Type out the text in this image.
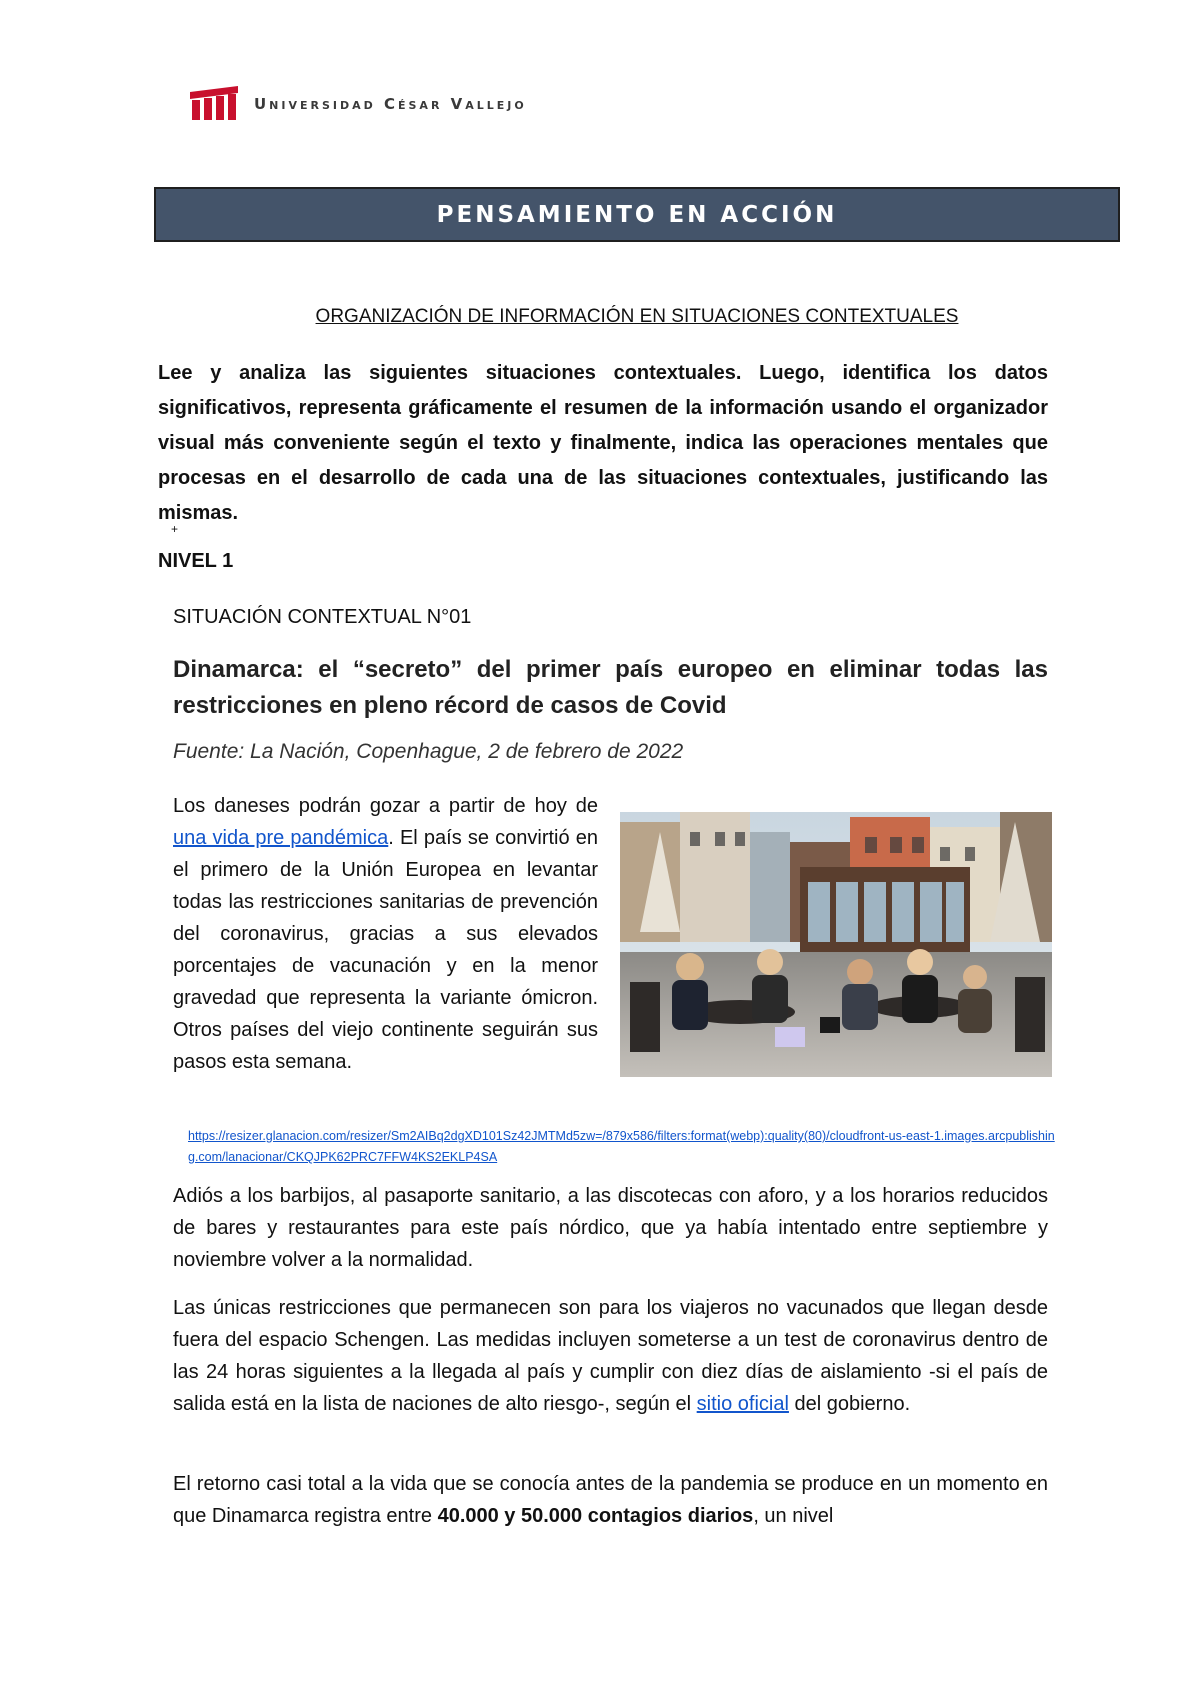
Universidad César Vallejo
PENSAMIENTO EN ACCIÓN
ORGANIZACIÓN DE INFORMACIÓN EN SITUACIONES CONTEXTUALES
Lee y analiza las siguientes situaciones contextuales. Luego, identifica los datos significativos, representa gráficamente el resumen de la información usando el organizador visual más conveniente según el texto y finalmente, indica las operaciones mentales que procesas en el desarrollo de cada una de las situaciones contextuales, justificando las mismas.
+
NIVEL 1
SITUACIÓN CONTEXTUAL N°01
Dinamarca: el “secreto” del primer país europeo en eliminar todas las restricciones en pleno récord de casos de Covid
Fuente: La Nación, Copenhague, 2 de febrero de 2022
Los daneses podrán gozar a partir de hoy de una vida pre pandémica. El país se convirtió en el primero de la Unión Europea en levantar todas las restricciones sanitarias de prevención del coronavirus, gracias a sus elevados porcentajes de vacunación y en la menor gravedad que representa la variante ómicron. Otros países del viejo continente seguirán sus pasos esta semana.
https://resizer.glanacion.com/resizer/Sm2AIBq2dgXD101Sz42JMTMd5zw=/879x586/filters:format(webp):quality(80)/cloudfront-us-east-1.images.arcpublishing.com/lanacionar/CKQJPK62PRC7FFW4KS2EKLP4SA
Adiós a los barbijos, al pasaporte sanitario, a las discotecas con aforo, y a los horarios reducidos de bares y restaurantes para este país nórdico, que ya había intentado entre septiembre y noviembre volver a la normalidad.
Las únicas restricciones que permanecen son para los viajeros no vacunados que llegan desde fuera del espacio Schengen. Las medidas incluyen someterse a un test de coronavirus dentro de las 24 horas siguientes a la llegada al país y cumplir con diez días de aislamiento -si el país de salida está en la lista de naciones de alto riesgo-, según el sitio oficial del gobierno.
El retorno casi total a la vida que se conocía antes de la pandemia se produce en un momento en que Dinamarca registra entre 40.000 y 50.000 contagios diarios, un nivel
